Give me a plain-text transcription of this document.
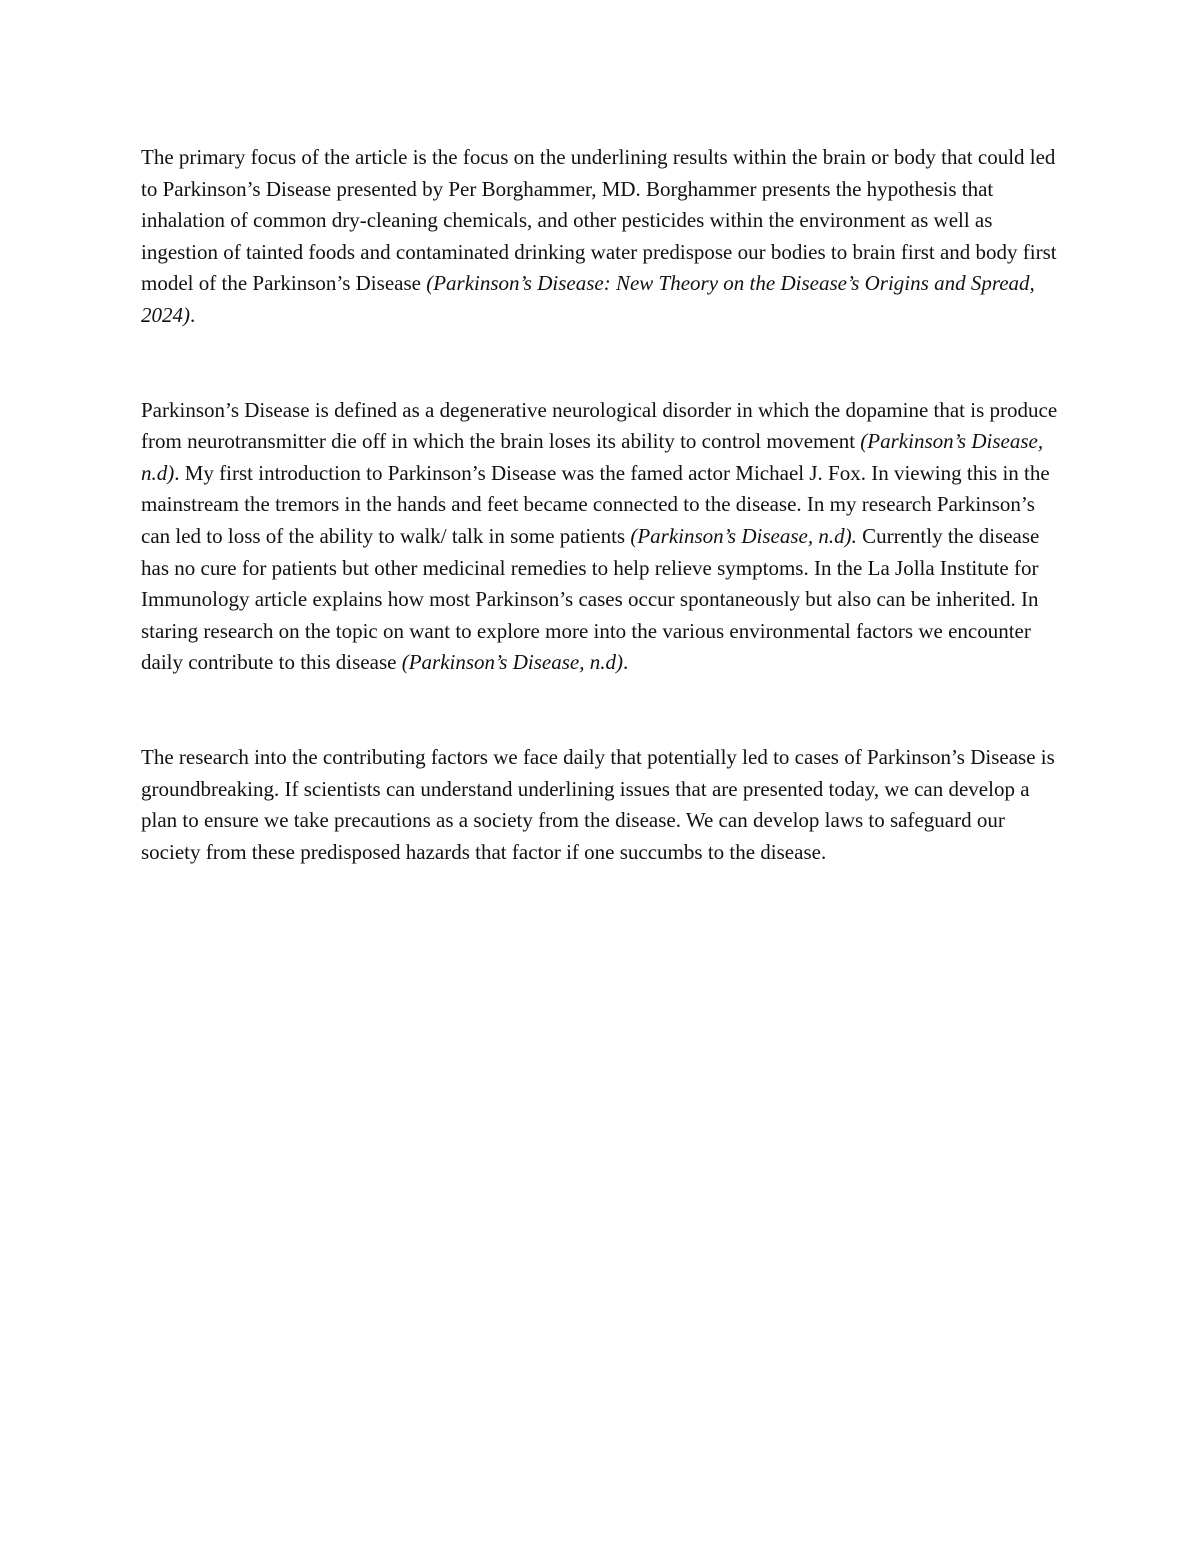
The primary focus of the article is the focus on the underlining results within the brain or body that could led to Parkinson’s Disease presented by Per Borghammer, MD. Borghammer presents the hypothesis that inhalation of common dry-cleaning chemicals, and other pesticides within the environment as well as ingestion of tainted foods and contaminated drinking water predispose our bodies to brain first and body first model of the Parkinson’s Disease (Parkinson’s Disease: New Theory on the Disease’s Origins and Spread, 2024).

Parkinson’s Disease is defined as a degenerative neurological disorder in which the dopamine that is produce from neurotransmitter die off in which the brain loses its ability to control movement (Parkinson’s Disease, n.d). My first introduction to Parkinson’s Disease was the famed actor Michael J. Fox. In viewing this in the mainstream the tremors in the hands and feet became connected to the disease. In my research Parkinson’s can led to loss of the ability to walk/ talk in some patients (Parkinson’s Disease, n.d). Currently the disease has no cure for patients but other medicinal remedies to help relieve symptoms. In the La Jolla Institute for Immunology article explains how most Parkinson’s cases occur spontaneously but also can be inherited. In staring research on the topic on want to explore more into the various environmental factors we encounter daily contribute to this disease (Parkinson’s Disease, n.d).

The research into the contributing factors we face daily that potentially led to cases of Parkinson’s Disease is groundbreaking. If scientists can understand underlining issues that are presented today, we can develop a plan to ensure we take precautions as a society from the disease. We can develop laws to safeguard our society from these predisposed hazards that factor if one succumbs to the disease.
